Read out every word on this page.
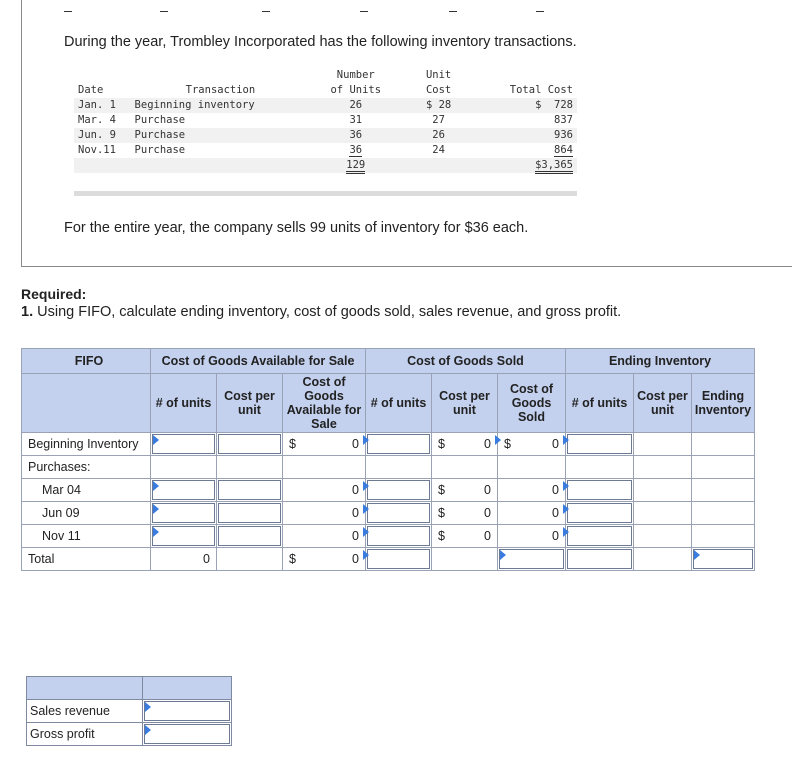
During the year, Trombley Incorporated has the following inventory transactions.
		Number	Unit	
Date	Transaction	of Units	Cost	Total Cost
Jan. 1	Beginning inventory	26	$ 28	$  728
Mar. 4	Purchase	31	27	837
Jun. 9	Purchase	36	26	936
Nov.11	Purchase	36	24	864
		129		$3,365
For the entire year, the company sells 99 units of inventory for $36 each.
Required:
1. Using FIFO, calculate ending inventory, cost of goods sold, sales revenue, and gross profit.
FIFO	Cost of Goods Available for Sale			Cost of Goods Sold			Ending Inventory		
	# of units	Cost per unit	Cost of Goods Available for Sale	# of units	Cost per unit	Cost of Goods Sold	# of units	Cost per unit	Ending Inventory
Beginning Inventory			$ 0		$ 0	$ 0

Purchases:									
Mar 04			0		$ 0	0

Jun 09			0		$ 0	0

Nov 11			0		$ 0	0

Total	0		$ 0

Sales revenue	

Gross profit	
